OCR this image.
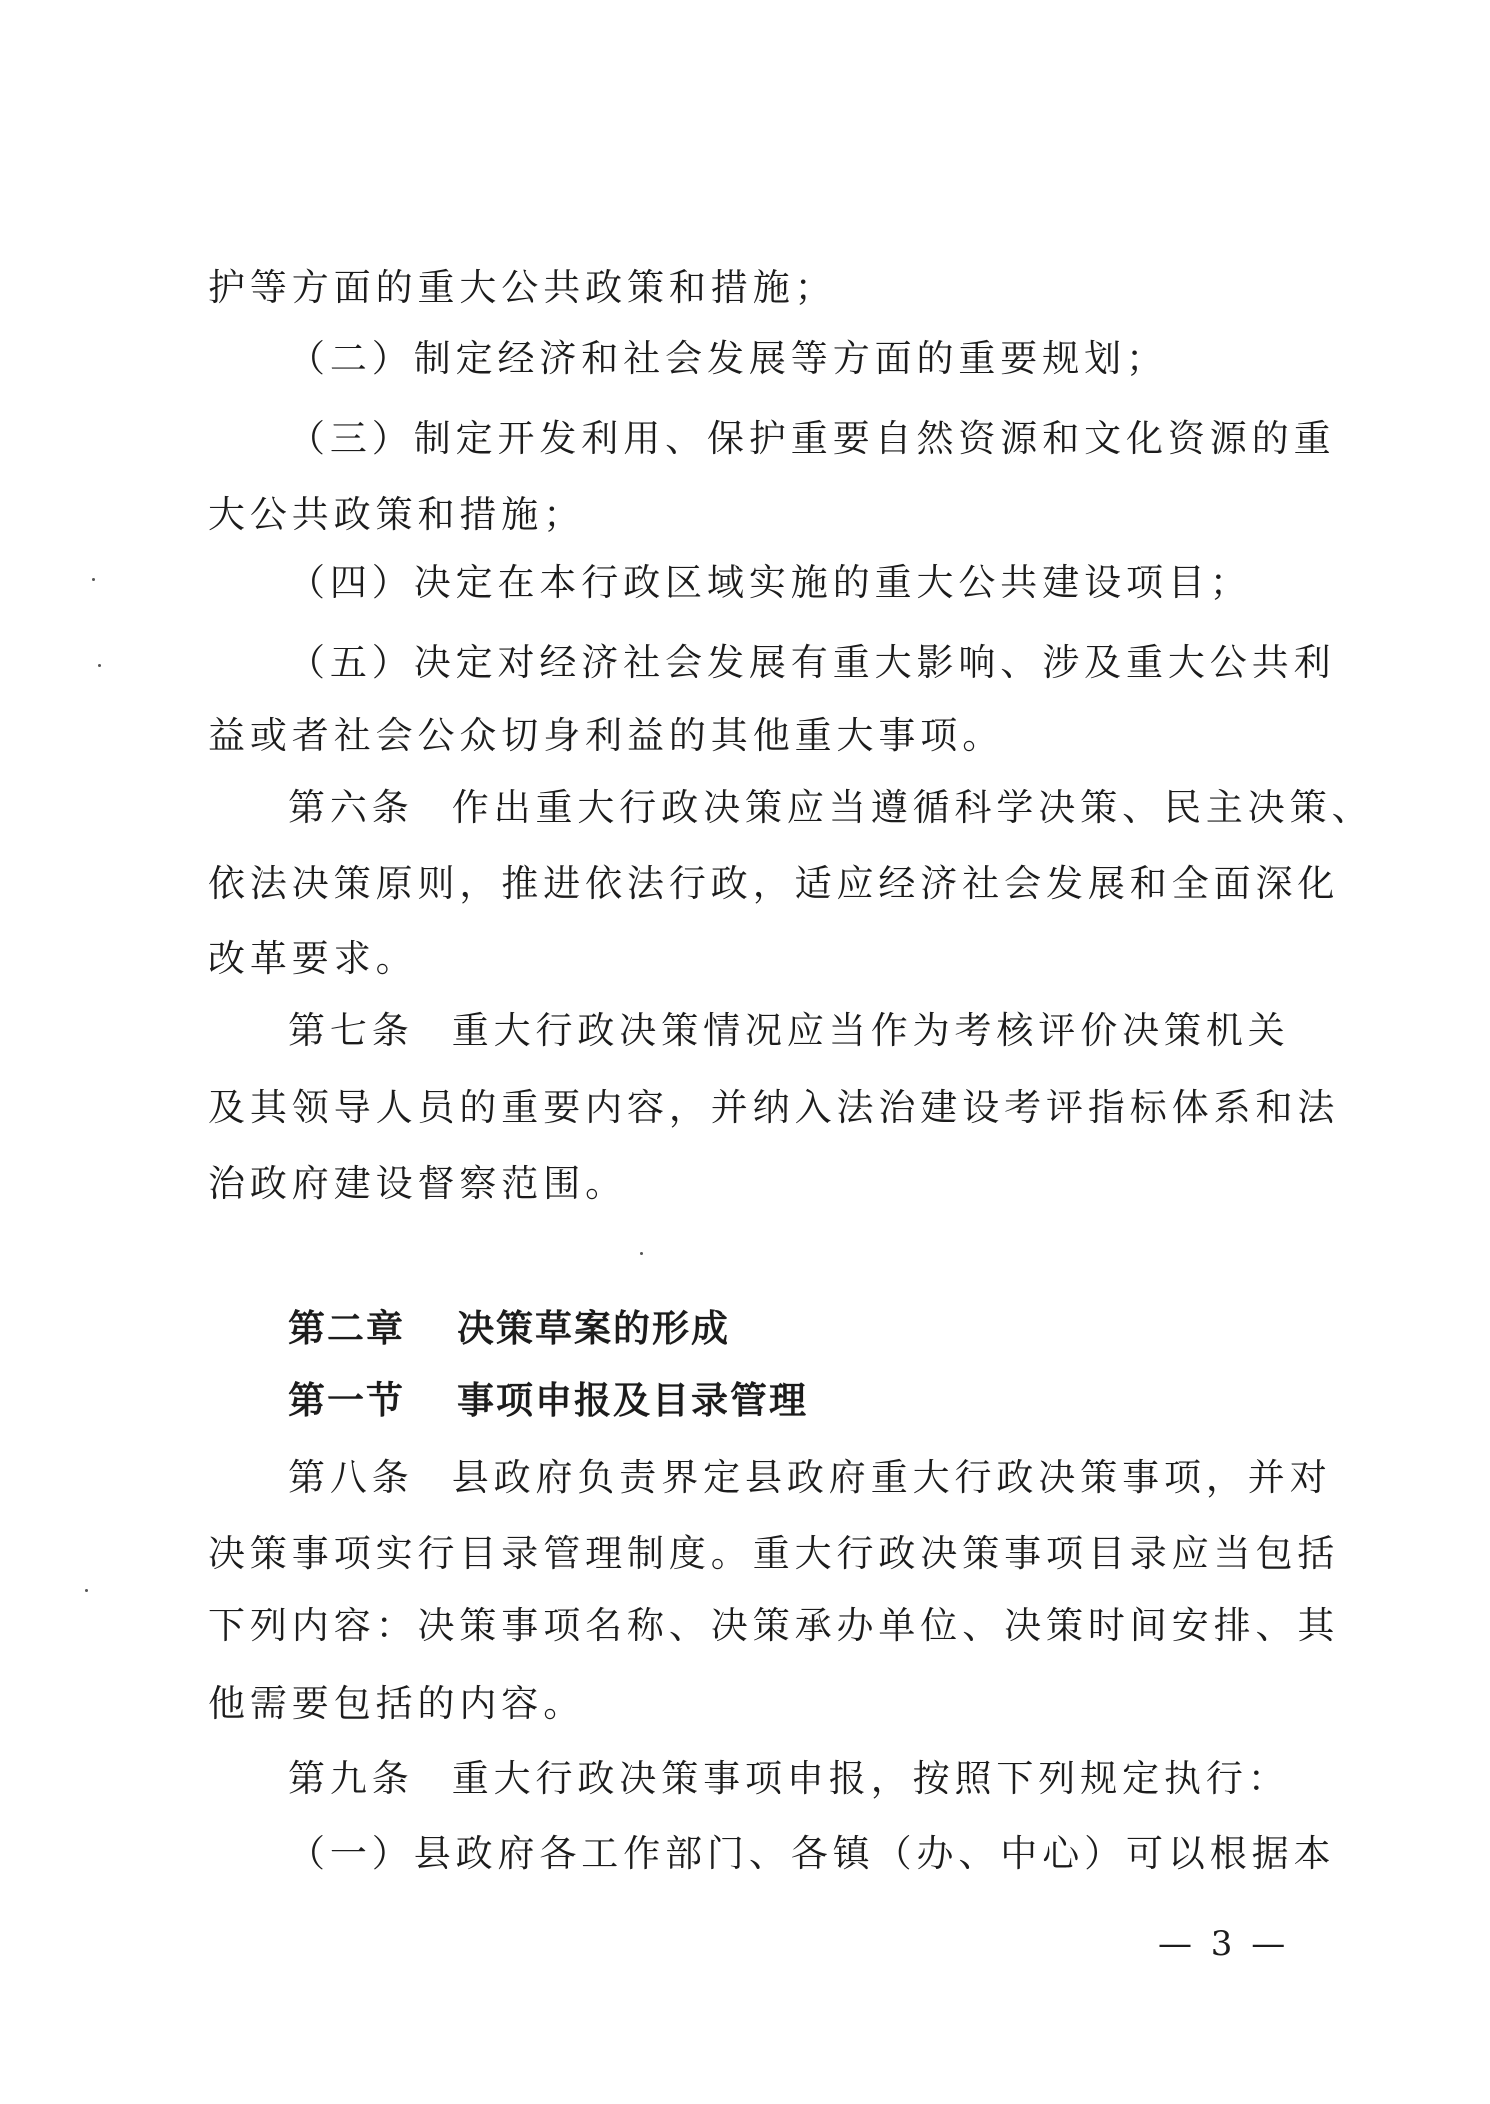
护等方面的重大公共政策和措施；
（二）制定经济和社会发展等方面的重要规划；
（三）制定开发利用、保护重要自然资源和文化资源的重
大公共政策和措施；
（四）决定在本行政区域实施的重大公共建设项目；
（五）决定对经济社会发展有重大影响、涉及重大公共利
益或者社会公众切身利益的其他重大事项。
第六条 作出重大行政决策应当遵循科学决策、民主决策、
依法决策原则，推进依法行政，适应经济社会发展和全面深化
改革要求。
第七条 重大行政决策情况应当作为考核评价决策机关
及其领导人员的重要内容，并纳入法治建设考评指标体系和法
治政府建设督察范围。
第二章 决策草案的形成
第一节 事项申报及目录管理
第八条 县政府负责界定县政府重大行政决策事项，并对
决策事项实行目录管理制度。重大行政决策事项目录应当包括
下列内容：决策事项名称、决策承办单位、决策时间安排、其
他需要包括的内容。
第九条 重大行政决策事项申报，按照下列规定执行：
（一）县政府各工作部门、各镇（办、中心）可以根据本
— 3 —
